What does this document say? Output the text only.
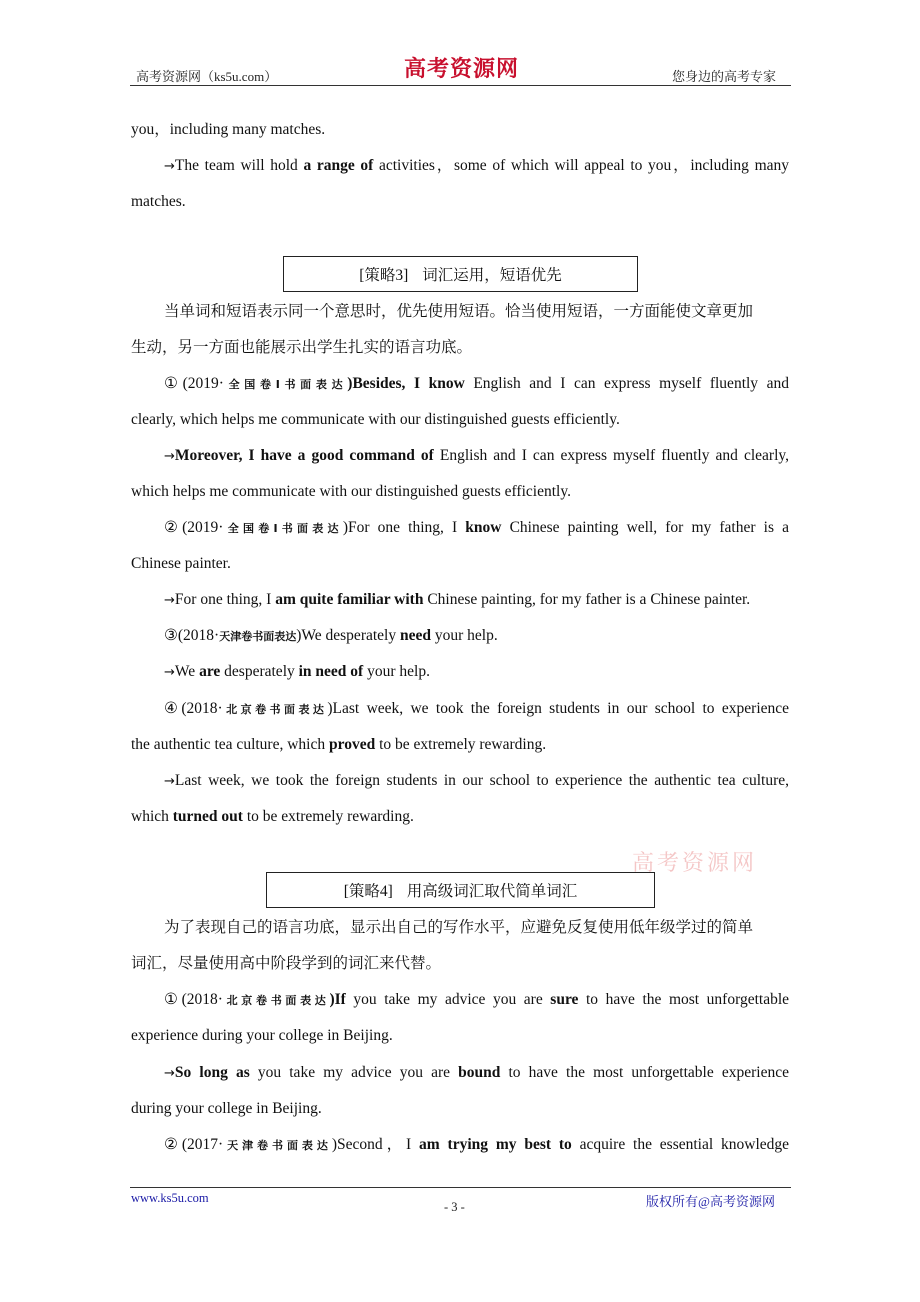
高考资源网（ks5u.com）	高考资源网	您身边的高考专家
you，including many matches.
→The team will hold a range of activities，some of which will appeal to you，including many
matches.
[策略3] 词汇运用，短语优先
当单词和短语表示同一个意思时，优先使用短语。恰当使用短语，一方面能使文章更加
生动，另一方面也能展示出学生扎实的语言功底。
①(2019·全国卷Ⅰ书面表达)Besides, I know English and I can express myself fluently and
clearly, which helps me communicate with our distinguished guests efficiently.
→Moreover, I have a good command of English and I can express myself fluently and clearly,
which helps me communicate with our distinguished guests efficiently.
②(2019·全国卷Ⅰ书面表达)For one thing, I know Chinese painting well, for my father is a
Chinese painter.
→For one thing, I am quite familiar with Chinese painting, for my father is a Chinese painter.
③(2018·天津卷书面表达)We desperately need your help.
→We are desperately in need of your help.
④(2018·北京卷书面表达)Last week, we took the foreign students in our school to experience
the authentic tea culture, which proved to be extremely rewarding.
→Last week, we took the foreign students in our school to experience the authentic tea culture,
which turned out to be extremely rewarding.
高考资源网
[策略4] 用高级词汇取代简单词汇
为了表现自己的语言功底，显示出自己的写作水平，应避免反复使用低年级学过的简单
词汇，尽量使用高中阶段学到的词汇来代替。
①(2018·北京卷书面表达)If you take my advice you are sure to have the most unforgettable
experience during your college in Beijing.
→So long as you take my advice you are bound to have the most unforgettable experience
during your college in Beijing.
②(2017·天津卷书面表达)Second，I am trying my best to acquire the essential knowledge
www.ks5u.com
- 3 -	版权所有@高考资源网
